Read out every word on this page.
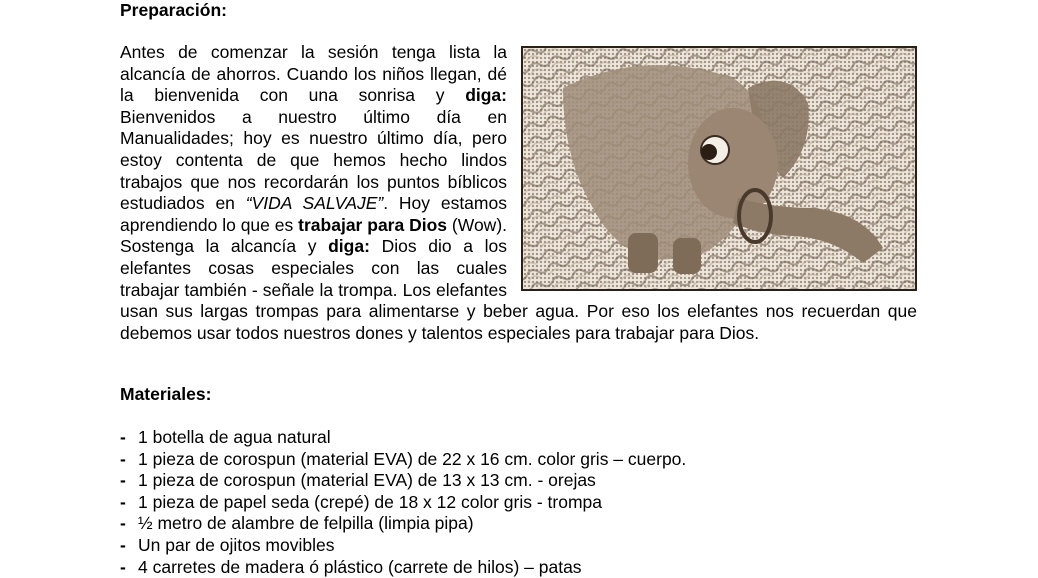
Preparación:
Antes de comenzar la sesión tenga lista la alcancía de ahorros. Cuando los niños llegan, dé la bienvenida con una sonrisa y diga: Bienvenidos a nuestro último día en Manualidades; hoy es nuestro último día, pero estoy contenta de que hemos hecho lindos trabajos que nos recordarán los puntos bíblicos estudiados en “VIDA SALVAJE”. Hoy estamos aprendiendo lo que es trabajar para Dios (Wow). Sostenga la alcancía y diga: Dios dio a los elefantes cosas especiales con las cuales trabajar también - señale la trompa. Los elefantes usan sus largas trompas para alimentarse y beber agua. Por eso los elefantes nos recuerdan que debemos usar todos nuestros dones y talentos especiales para trabajar para Dios.
Materiales:
- 1 botella de agua natural
- 1 pieza de corospun (material EVA) de 22 x 16 cm. color gris – cuerpo.
- 1 pieza de corospun (material EVA) de 13 x 13 cm. - orejas
- 1 pieza de papel seda (crepé) de 18 x 12 color gris - trompa
- ½ metro de alambre de felpilla (limpia pipa)
- Un par de ojitos movibles
- 4 carretes de madera ó plástico (carrete de hilos) – patas
